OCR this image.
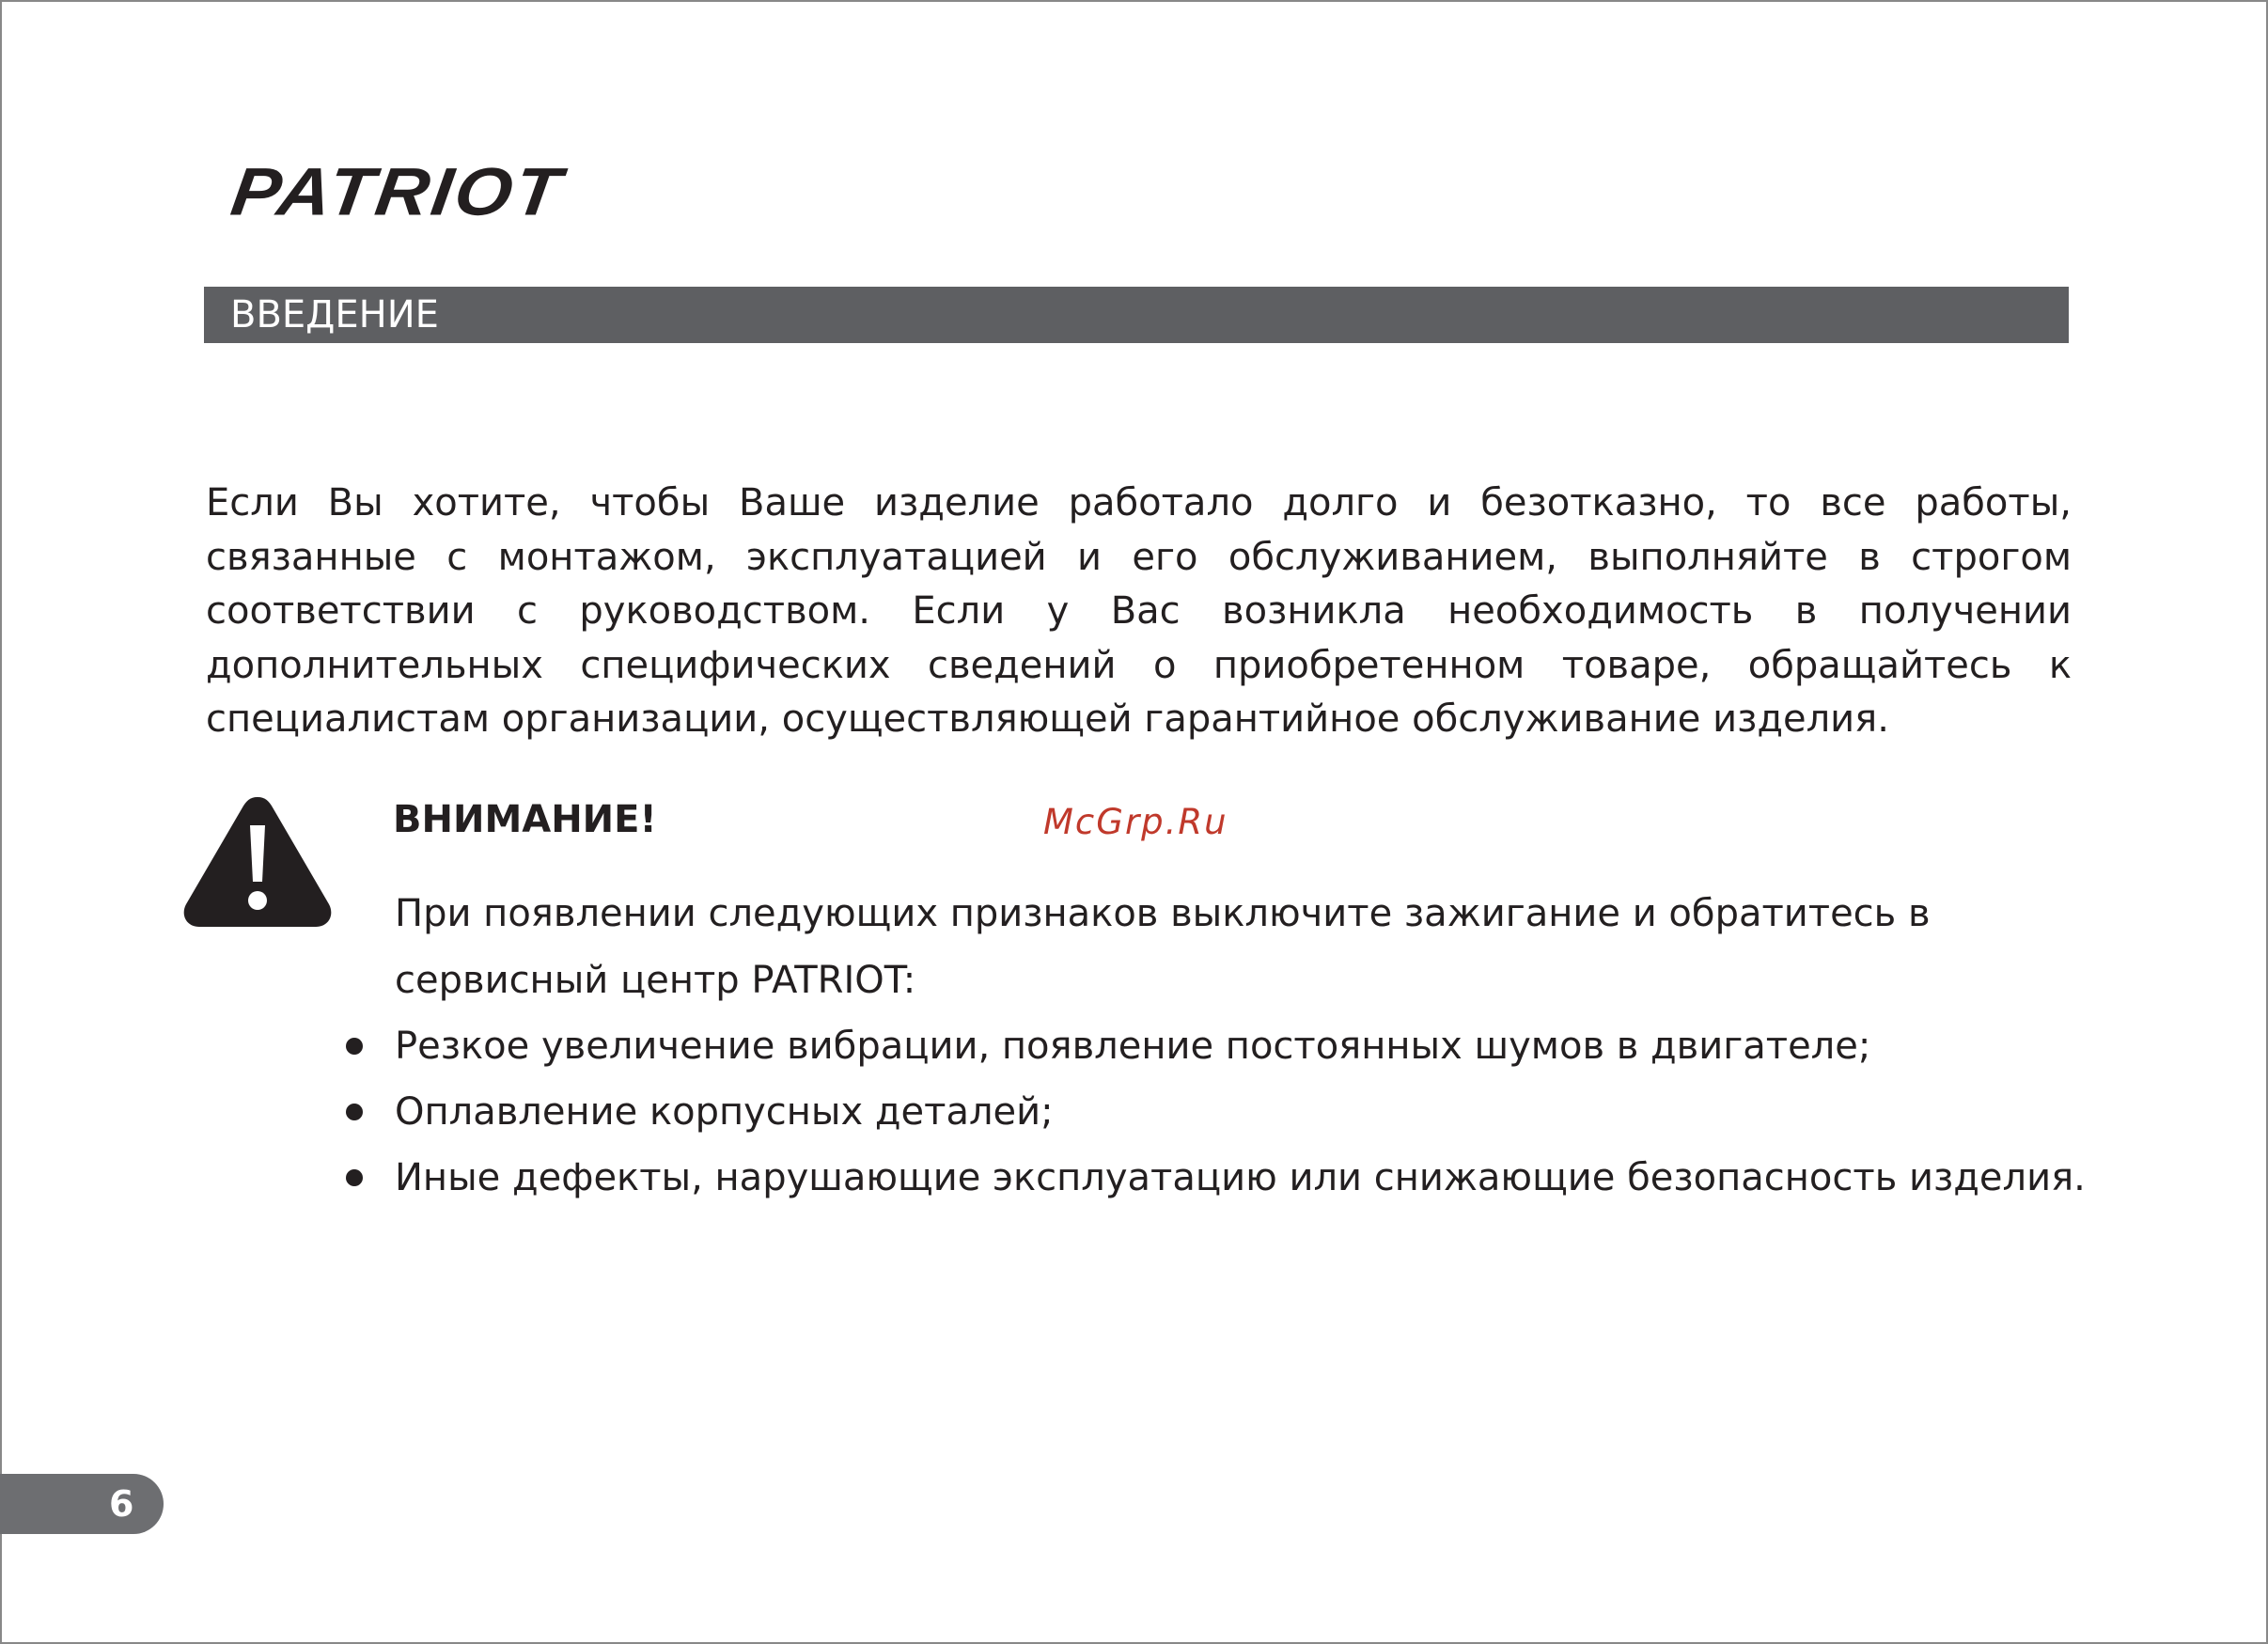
PATRIOT
ВВЕДЕНИЕ

Если Вы хотите, чтобы Ваше изделие работало долго и безотказно, то все работы, связанные с монтажом, эксплуатацией и его обслуживанием, выполняйте в строгом соответствии с руководством. Если у Вас возникла необходимость в получении дополнительных специфических сведений о приобретенном товаре, обращайтесь к специалистам организации, осуществляющей гарантийное обслуживание изделия.

ВНИМАНИЕ!	McGrp.Ru

При появлении следующих признаков выключите зажигание и обратитесь в сервисный центр PATRIOT:

Резкое увеличение вибрации, появление постоянных шумов в двигателе;
Оплавление корпусных деталей;
Иные дефекты, нарушающие эксплуатацию или снижающие безопасность изделия.
6
